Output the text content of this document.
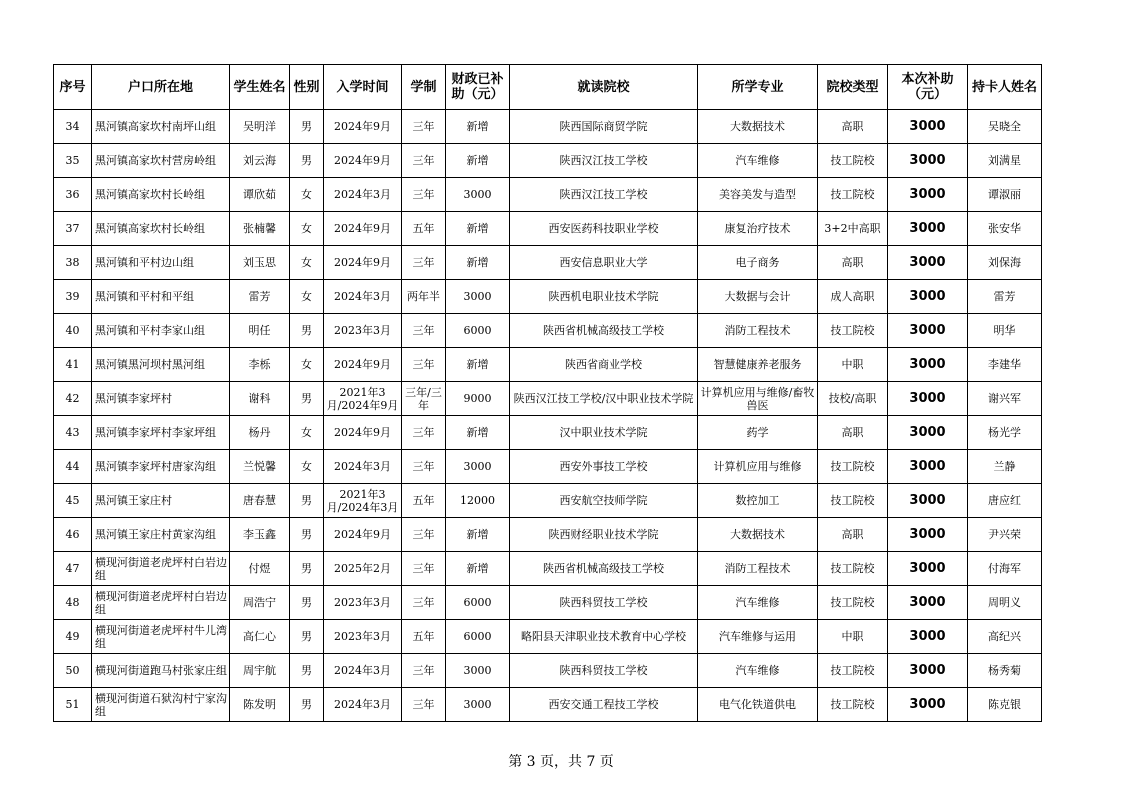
序号	户口所在地	学生姓名	性别	入学时间	学制	财政已补助（元）	就读院校	所学专业	院校类型	本次补助（元）	持卡人姓名
34	黑河镇高家坎村南坪山组	吴明洋	男	2024年9月	三年	新增	陕西国际商贸学院	大数据技术	高职	3000	吴晓全
35	黑河镇高家坎村营房岭组	刘云海	男	2024年9月	三年	新增	陕西汉江技工学校	汽车维修	技工院校	3000	刘满星
36	黑河镇高家坎村长岭组	谭欣茹	女	2024年3月	三年	3000	陕西汉江技工学校	美容美发与造型	技工院校	3000	谭淑丽
37	黑河镇高家坎村长岭组	张楠馨	女	2024年9月	五年	新增	西安医药科技职业学校	康复治疗技术	3+2中高职	3000	张安华
38	黑河镇和平村边山组	刘玉思	女	2024年9月	三年	新增	西安信息职业大学	电子商务	高职	3000	刘保海
39	黑河镇和平村和平组	雷芳	女	2024年3月	两年半	3000	陕西机电职业技术学院	大数据与会计	成人高职	3000	雷芳
40	黑河镇和平村李家山组	明任	男	2023年3月	三年	6000	陕西省机械高级技工学校	消防工程技术	技工院校	3000	明华
41	黑河镇黑河坝村黑河组	李栎	女	2024年9月	三年	新增	陕西省商业学校	智慧健康养老服务	中职	3000	李建华
42	黑河镇李家坪村	谢科	男	2021年3月/2024年9月	三年/三年	9000	陕西汉江技工学校/汉中职业技术学院	计算机应用与维修/畜牧兽医	技校/高职	3000	谢兴军
43	黑河镇李家坪村李家坪组	杨丹	女	2024年9月	三年	新增	汉中职业技术学院	药学	高职	3000	杨光学
44	黑河镇李家坪村唐家沟组	兰悦馨	女	2024年3月	三年	3000	西安外事技工学校	计算机应用与维修	技工院校	3000	兰静
45	黑河镇王家庄村	唐春慧	男	2021年3月/2024年3月	五年	12000	西安航空技师学院	数控加工	技工院校	3000	唐应红
46	黑河镇王家庄村黄家沟组	李玉鑫	男	2024年9月	三年	新增	陕西财经职业技术学院	大数据技术	高职	3000	尹兴荣
47	横现河街道老虎坪村白岩边组	付煜	男	2025年2月	三年	新增	陕西省机械高级技工学校	消防工程技术	技工院校	3000	付海军
48	横现河街道老虎坪村白岩边组	周浩宁	男	2023年3月	三年	6000	陕西科贸技工学校	汽车维修	技工院校	3000	周明义
49	横现河街道老虎坪村牛儿湾组	高仁心	男	2023年3月	五年	6000	略阳县天津职业技术教育中心学校	汽车维修与运用	中职	3000	高纪兴
50	横现河街道跑马村张家庄组	周宇航	男	2024年3月	三年	3000	陕西科贸技工学校	汽车维修	技工院校	3000	杨秀菊
51	横现河街道石狱沟村宁家沟组	陈发明	男	2024年3月	三年	3000	西安交通工程技工学校	电气化铁道供电	技工院校	3000	陈克银
第 3 页，共 7 页
